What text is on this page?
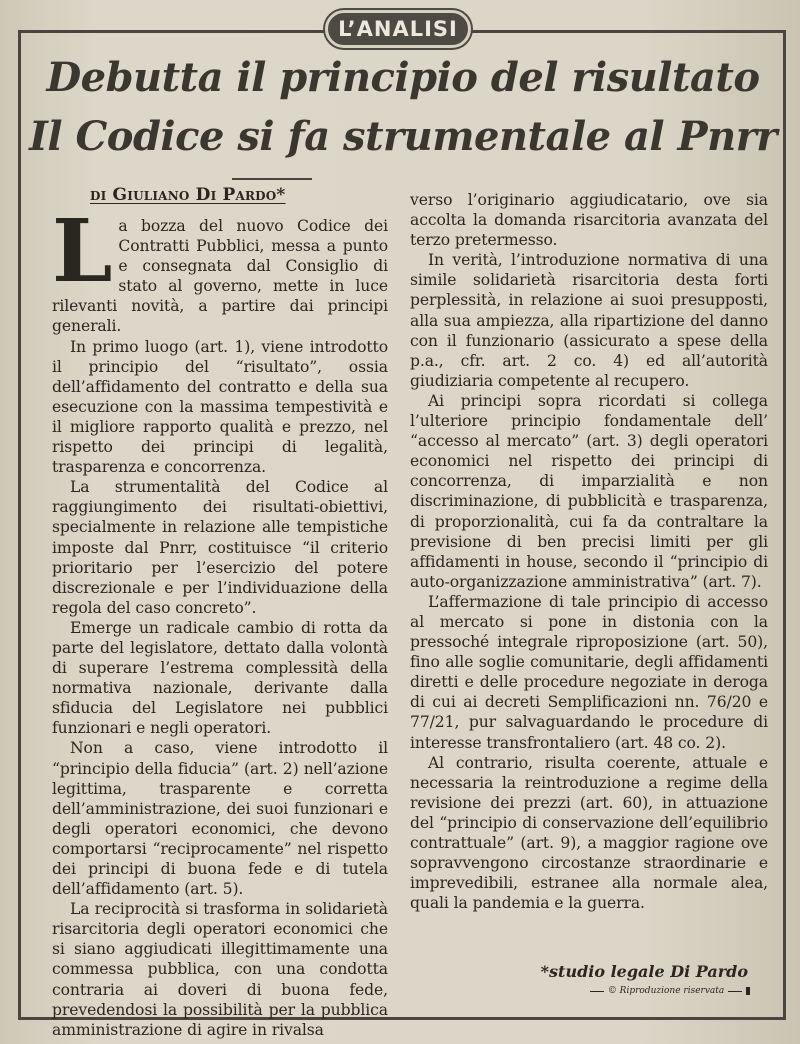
L’ANALISI
Debutta il principio del risultato
Il Codice si fa strumentale al Pnrr
di Giuliano Di Pardo*

La bozza del nuovo Codice dei Contratti Pubblici, messa a punto e consegnata dal Consiglio di stato al governo, mette in luce rilevanti novità, a partire dai principi generali.

In primo luogo (art. 1), viene introdotto il principio del “risultato”, ossia dell’affidamento del contratto e della sua esecuzione con la massima tempestività e il migliore rapporto qualità e prezzo, nel rispetto dei principi di legalità, trasparenza e concorrenza.

La strumentalità del Codice al raggiungimento dei risultati-obiettivi, specialmente in relazione alle tempistiche imposte dal Pnrr, costituisce “il criterio prioritario per l’esercizio del potere discrezionale e per l’individuazione della regola del caso concreto”.

Emerge un radicale cambio di rotta da parte del legislatore, dettato dalla volontà di superare l’estrema complessità della normativa nazionale, derivante dalla sfiducia del Legislatore nei pubblici funzionari e negli operatori.

Non a caso, viene introdotto il “principio della fiducia” (art. 2) nell’azione legittima, trasparente e corretta dell’amministrazione, dei suoi funzionari e degli operatori economici, che devono comportarsi “reciprocamente” nel rispetto dei principi di buona fede e di tutela dell’affidamento (art. 5).

La reciprocità si trasforma in solidarietà risarcitoria degli operatori economici che si siano aggiudicati illegittimamente una commessa pubblica, con una condotta contraria ai doveri di buona fede, prevedendosi la possibilità per la pubblica amministrazione di agire in rivalsa

verso l’originario aggiudicatario, ove sia accolta la domanda risarcitoria avanzata del terzo pretermesso.

In verità, l’introduzione normativa di una simile solidarietà risarcitoria desta forti perplessità, in relazione ai suoi presupposti, alla sua ampiezza, alla ripartizione del danno con il funzionario (assicurato a spese della p.a., cfr. art. 2 co. 4) ed all’autorità giudiziaria competente al recupero.

Ai principi sopra ricordati si collega l’ulteriore principio fondamentale dell’ “accesso al mercato” (art. 3) degli operatori economici nel rispetto dei principi di concorrenza, di imparzialità e non discriminazione, di pubblicità e trasparenza, di proporzionalità, cui fa da contraltare la previsione di ben precisi limiti per gli affidamenti in house, secondo il “principio di auto-organizzazione amministrativa” (art. 7).

L’affermazione di tale principio di accesso al mercato si pone in distonia con la pressoché integrale riproposizione (art. 50), fino alle soglie comunitarie, degli affidamenti diretti e delle procedure negoziate in deroga di cui ai decreti Semplificazioni nn. 76/20 e 77/21, pur salvaguardando le procedure di interesse transfrontaliero (art. 48 co. 2).

Al contrario, risulta coerente, attuale e necessaria la reintroduzione a regime della revisione dei prezzi (art. 60), in attuazione del “principio di conservazione dell’equilibrio contrattuale” (art. 9), a maggior ragione ove sopravvengono circostanze straordinarie e imprevedibili, estranee alla normale alea, quali la pandemia e la guerra.

*studio legale Di Pardo
© Riproduzione riservata
